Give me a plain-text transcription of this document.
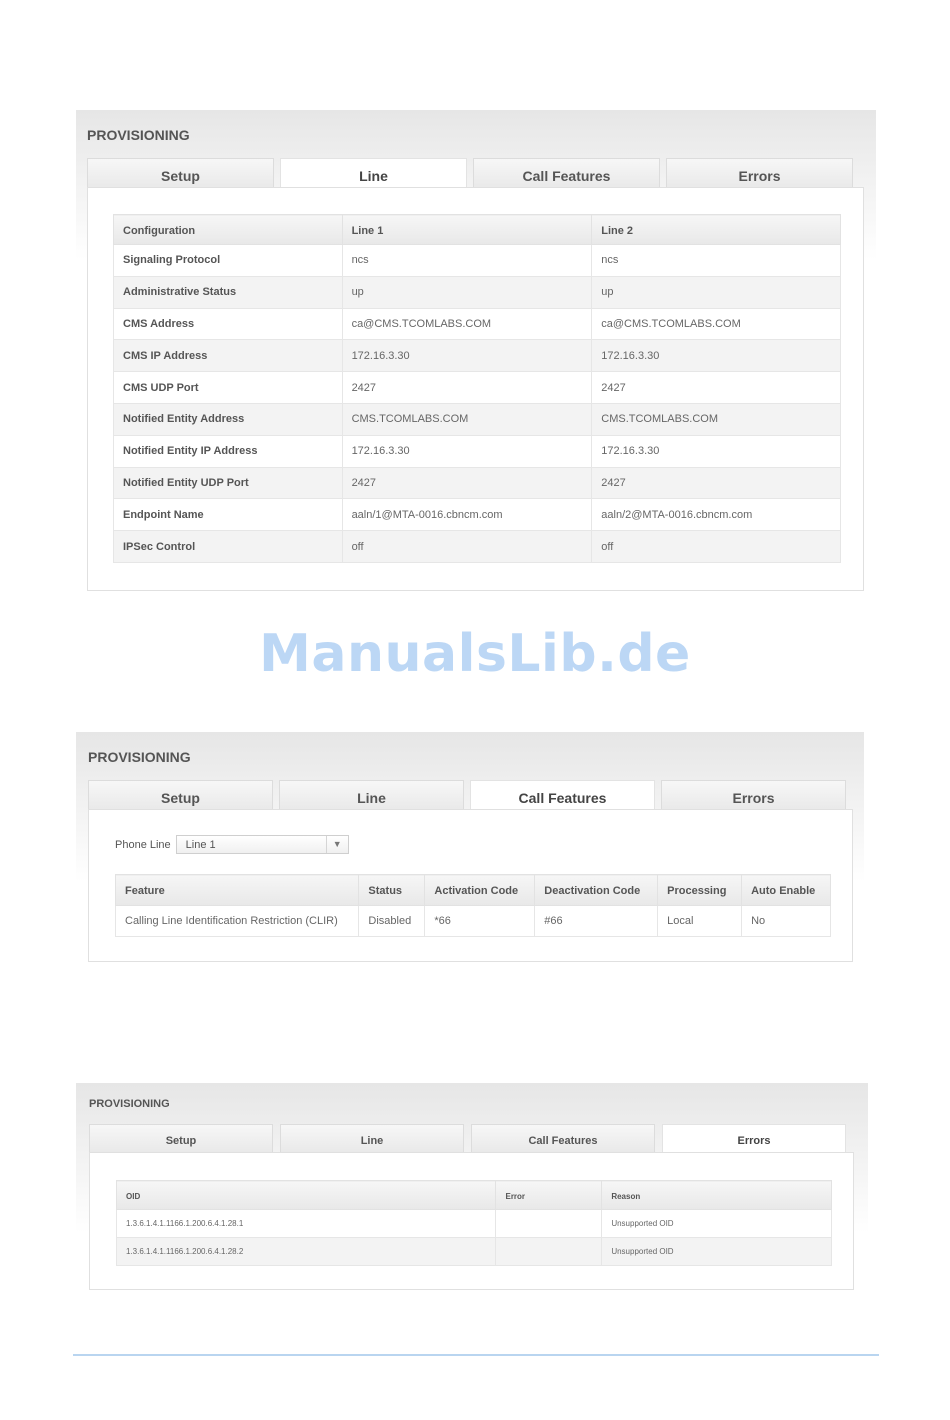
PROVISIONING
Setup	Line	Call Features	Errors
Configuration	Line 1	Line 2
Signaling Protocol	ncs	ncs
Administrative Status	up	up
CMS Address	ca@CMS.TCOMLABS.COM	ca@CMS.TCOMLABS.COM
CMS IP Address	172.16.3.30	172.16.3.30
CMS UDP Port	2427	2427
Notified Entity Address	CMS.TCOMLABS.COM	CMS.TCOMLABS.COM
Notified Entity IP Address	172.16.3.30	172.16.3.30
Notified Entity UDP Port	2427	2427
Endpoint Name	aaln/1@MTA-0016.cbncm.com	aaln/2@MTA-0016.cbncm.com
IPSec Control	off	off
ManualsLib.de
PROVISIONING
Setup	Line	Call Features	Errors
Phone Line	Line 1	▼
Feature	Status	Activation Code	Deactivation Code	Processing	Auto Enable
Calling Line Identification Restriction (CLIR)	Disabled	*66	#66	Local	No
PROVISIONING
Setup	Line	Call Features	Errors
OID	Error	Reason
1.3.6.1.4.1.1166.1.200.6.4.1.28.1		Unsupported OID
1.3.6.1.4.1.1166.1.200.6.4.1.28.2		Unsupported OID
